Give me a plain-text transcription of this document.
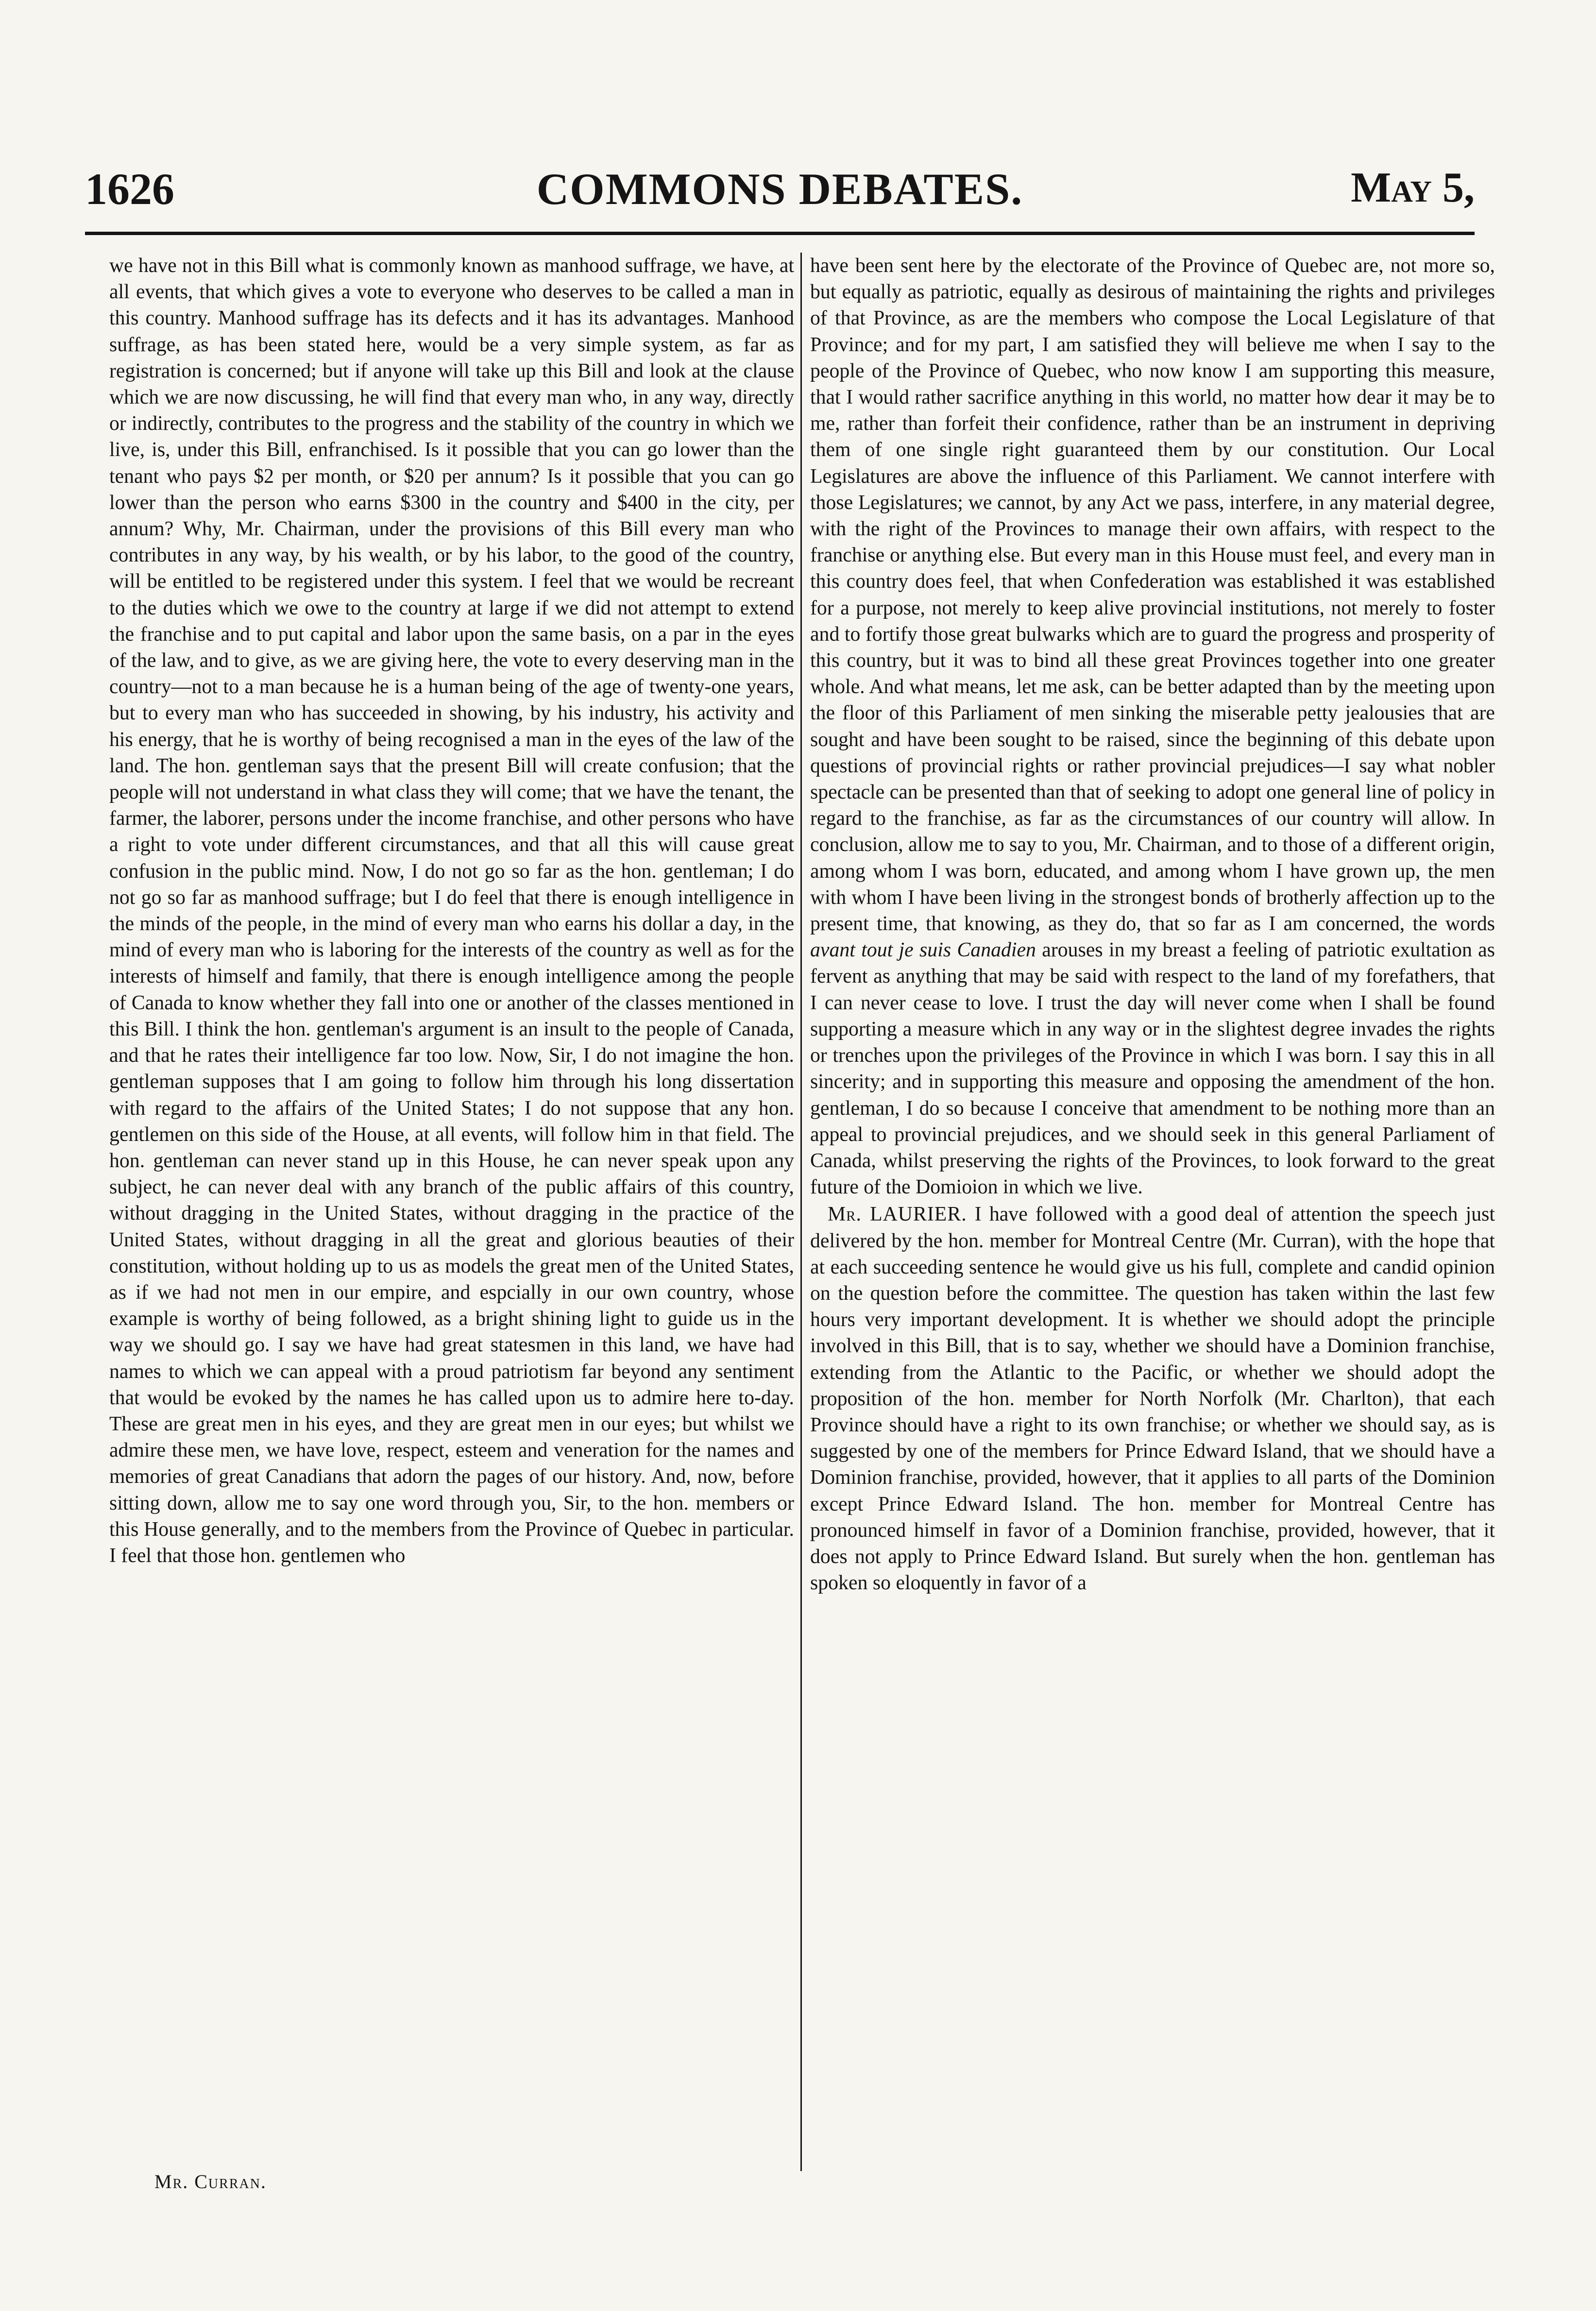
1626	COMMONS DEBATES.	May 5,

we have not in this Bill what is commonly known as manhood suffrage, we have, at all events, that which gives a vote to everyone who deserves to be called a man in this country. Manhood suffrage has its defects and it has its advantages. Manhood suffrage, as has been stated here, would be a very simple system, as far as registration is concerned; but if anyone will take up this Bill and look at the clause which we are now discussing, he will find that every man who, in any way, directly or indirectly, contributes to the progress and the stability of the country in which we live, is, under this Bill, enfranchised. Is it possible that you can go lower than the tenant who pays $2 per month, or $20 per annum? Is it possible that you can go lower than the person who earns $300 in the country and $400 in the city, per annum? Why, Mr. Chairman, under the provisions of this Bill every man who contributes in any way, by his wealth, or by his labor, to the good of the country, will be entitled to be registered under this system. I feel that we would be recreant to the duties which we owe to the country at large if we did not attempt to extend the franchise and to put capital and labor upon the same basis, on a par in the eyes of the law, and to give, as we are giving here, the vote to every deserving man in the country—not to a man because he is a human being of the age of twenty-one years, but to every man who has succeeded in showing, by his industry, his activity and his energy, that he is worthy of being recognised a man in the eyes of the law of the land. The hon. gentleman says that the present Bill will create confusion; that the people will not understand in what class they will come; that we have the tenant, the farmer, the laborer, persons under the income franchise, and other persons who have a right to vote under different circumstances, and that all this will cause great confusion in the public mind. Now, I do not go so far as the hon. gentleman; I do not go so far as manhood suffrage; but I do feel that there is enough intelligence in the minds of the people, in the mind of every man who earns his dollar a day, in the mind of every man who is laboring for the interests of the country as well as for the interests of himself and family, that there is enough intelligence among the people of Canada to know whether they fall into one or another of the classes mentioned in this Bill. I think the hon. gentleman's argument is an insult to the people of Canada, and that he rates their intelligence far too low. Now, Sir, I do not imagine the hon. gentleman supposes that I am going to follow him through his long dissertation with regard to the affairs of the United States; I do not suppose that any hon. gentlemen on this side of the House, at all events, will follow him in that field. The hon. gentleman can never stand up in this House, he can never speak upon any subject, he can never deal with any branch of the public affairs of this country, without dragging in the United States, without dragging in the practice of the United States, without dragging in all the great and glorious beauties of their constitution, without holding up to us as models the great men of the United States, as if we had not men in our empire, and espcially in our own country, whose example is worthy of being followed, as a bright shining light to guide us in the way we should go. I say we have had great statesmen in this land, we have had names to which we can appeal with a proud patriotism far beyond any sentiment that would be evoked by the names he has called upon us to admire here to-day. These are great men in his eyes, and they are great men in our eyes; but whilst we admire these men, we have love, respect, esteem and veneration for the names and memories of great Canadians that adorn the pages of our history. And, now, before sitting down, allow me to say one word through you, Sir, to the hon. members or this House generally, and to the members from the Province of Quebec in particular. I feel that those hon. gentlemen who

have been sent here by the electorate of the Province of Quebec are, not more so, but equally as patriotic, equally as desirous of maintaining the rights and privileges of that Province, as are the members who compose the Local Legislature of that Province; and for my part, I am satisfied they will believe me when I say to the people of the Province of Quebec, who now know I am supporting this measure, that I would rather sacrifice anything in this world, no matter how dear it may be to me, rather than forfeit their confidence, rather than be an instrument in depriving them of one single right guaranteed them by our constitution. Our Local Legislatures are above the influence of this Parliament. We cannot interfere with those Legislatures; we cannot, by any Act we pass, interfere, in any material degree, with the right of the Provinces to manage their own affairs, with respect to the franchise or anything else. But every man in this House must feel, and every man in this country does feel, that when Confederation was established it was established for a purpose, not merely to keep alive provincial institutions, not merely to foster and to fortify those great bulwarks which are to guard the progress and prosperity of this country, but it was to bind all these great Provinces together into one greater whole. And what means, let me ask, can be better adapted than by the meeting upon the floor of this Parliament of men sinking the miserable petty jealousies that are sought and have been sought to be raised, since the beginning of this debate upon questions of provincial rights or rather provincial prejudices—I say what nobler spectacle can be presented than that of seeking to adopt one general line of policy in regard to the franchise, as far as the circumstances of our country will allow. In conclusion, allow me to say to you, Mr. Chairman, and to those of a different origin, among whom I was born, educated, and among whom I have grown up, the men with whom I have been living in the strongest bonds of brotherly affection up to the present time, that knowing, as they do, that so far as I am concerned, the words avant tout je suis Canadien arouses in my breast a feeling of patriotic exultation as fervent as anything that may be said with respect to the land of my forefathers, that I can never cease to love. I trust the day will never come when I shall be found supporting a measure which in any way or in the slightest degree invades the rights or trenches upon the privileges of the Province in which I was born. I say this in all sincerity; and in supporting this measure and opposing the amendment of the hon. gentleman, I do so because I conceive that amendment to be nothing more than an appeal to provincial prejudices, and we should seek in this general Parliament of Canada, whilst preserving the rights of the Provinces, to look forward to the great future of the Domioion in which we live.

Mr. LAURIER. I have followed with a good deal of attention the speech just delivered by the hon. member for Montreal Centre (Mr. Curran), with the hope that at each succeeding sentence he would give us his full, complete and candid opinion on the question before the committee. The question has taken within the last few hours very important development. It is whether we should adopt the principle involved in this Bill, that is to say, whether we should have a Dominion franchise, extending from the Atlantic to the Pacific, or whether we should adopt the proposition of the hon. member for North Norfolk (Mr. Charlton), that each Province should have a right to its own franchise; or whether we should say, as is suggested by one of the members for Prince Edward Island, that we should have a Dominion franchise, provided, however, that it applies to all parts of the Dominion except Prince Edward Island. The hon. member for Montreal Centre has pronounced himself in favor of a Dominion franchise, provided, however, that it does not apply to Prince Edward Island. But surely when the hon. gentleman has spoken so eloquently in favor of a

Mr. Curran.
